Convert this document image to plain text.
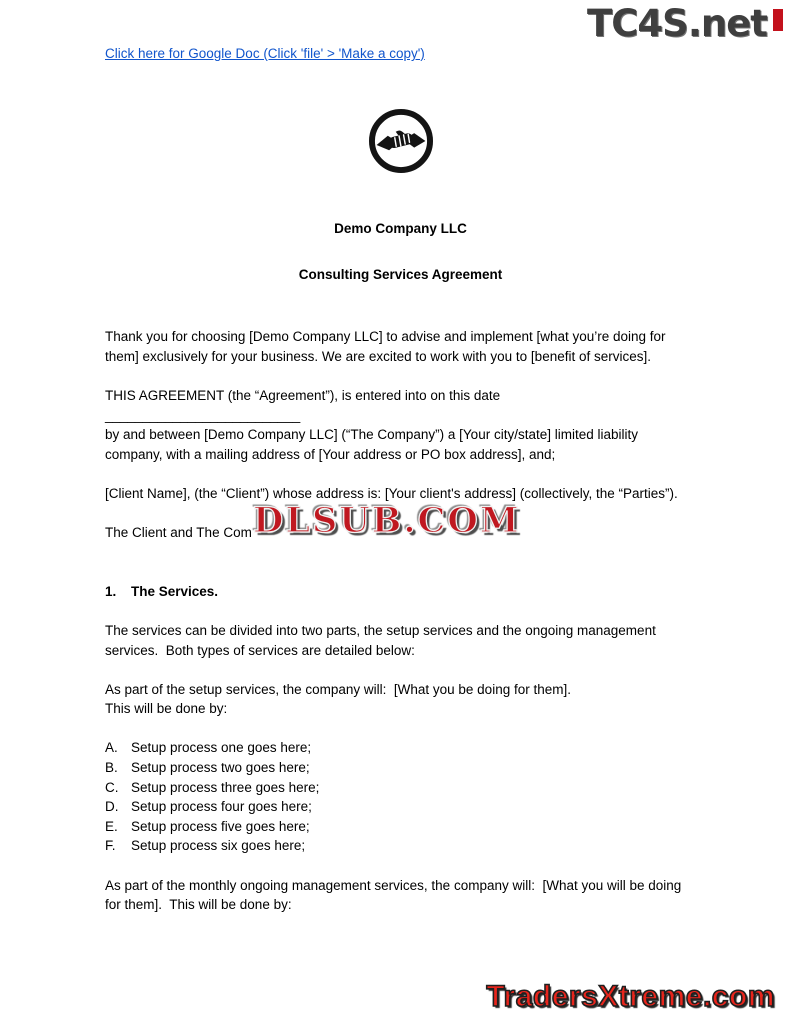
TC4S.net
Click here for Google Doc (Click 'file' > 'Make a copy')
Demo Company LLC
Consulting Services Agreement

Thank you for choosing [Demo Company LLC] to advise and implement [what you’re doing for them] exclusively for your business. We are excited to work with you to [benefit of services].

THIS AGREEMENT (the “Agreement”), is entered into on this date __________________________
by and between [Demo Company LLC] (“The Company”) a [Your city/state] limited liability company, with a mailing address of [Your address or PO box address], and;

[Client Name], (the “Client”) whose address is: [Your client's address] (collectively, the “Parties”).

The Client and The Com DLSUB.COM

1.	The Services.

The services can be divided into two parts, the setup services and the ongoing management services.  Both types of services are detailed below:

As part of the setup services, the company will:  [What you be doing for them].
This will be done by:

A. Setup process one goes here;
B. Setup process two goes here;
C. Setup process three goes here;
D. Setup process four goes here;
E. Setup process five goes here;
F.	Setup process six goes here;

As part of the monthly ongoing management services, the company will:  [What you will be doing for them].  This will be done by:

TradersXtreme.com
